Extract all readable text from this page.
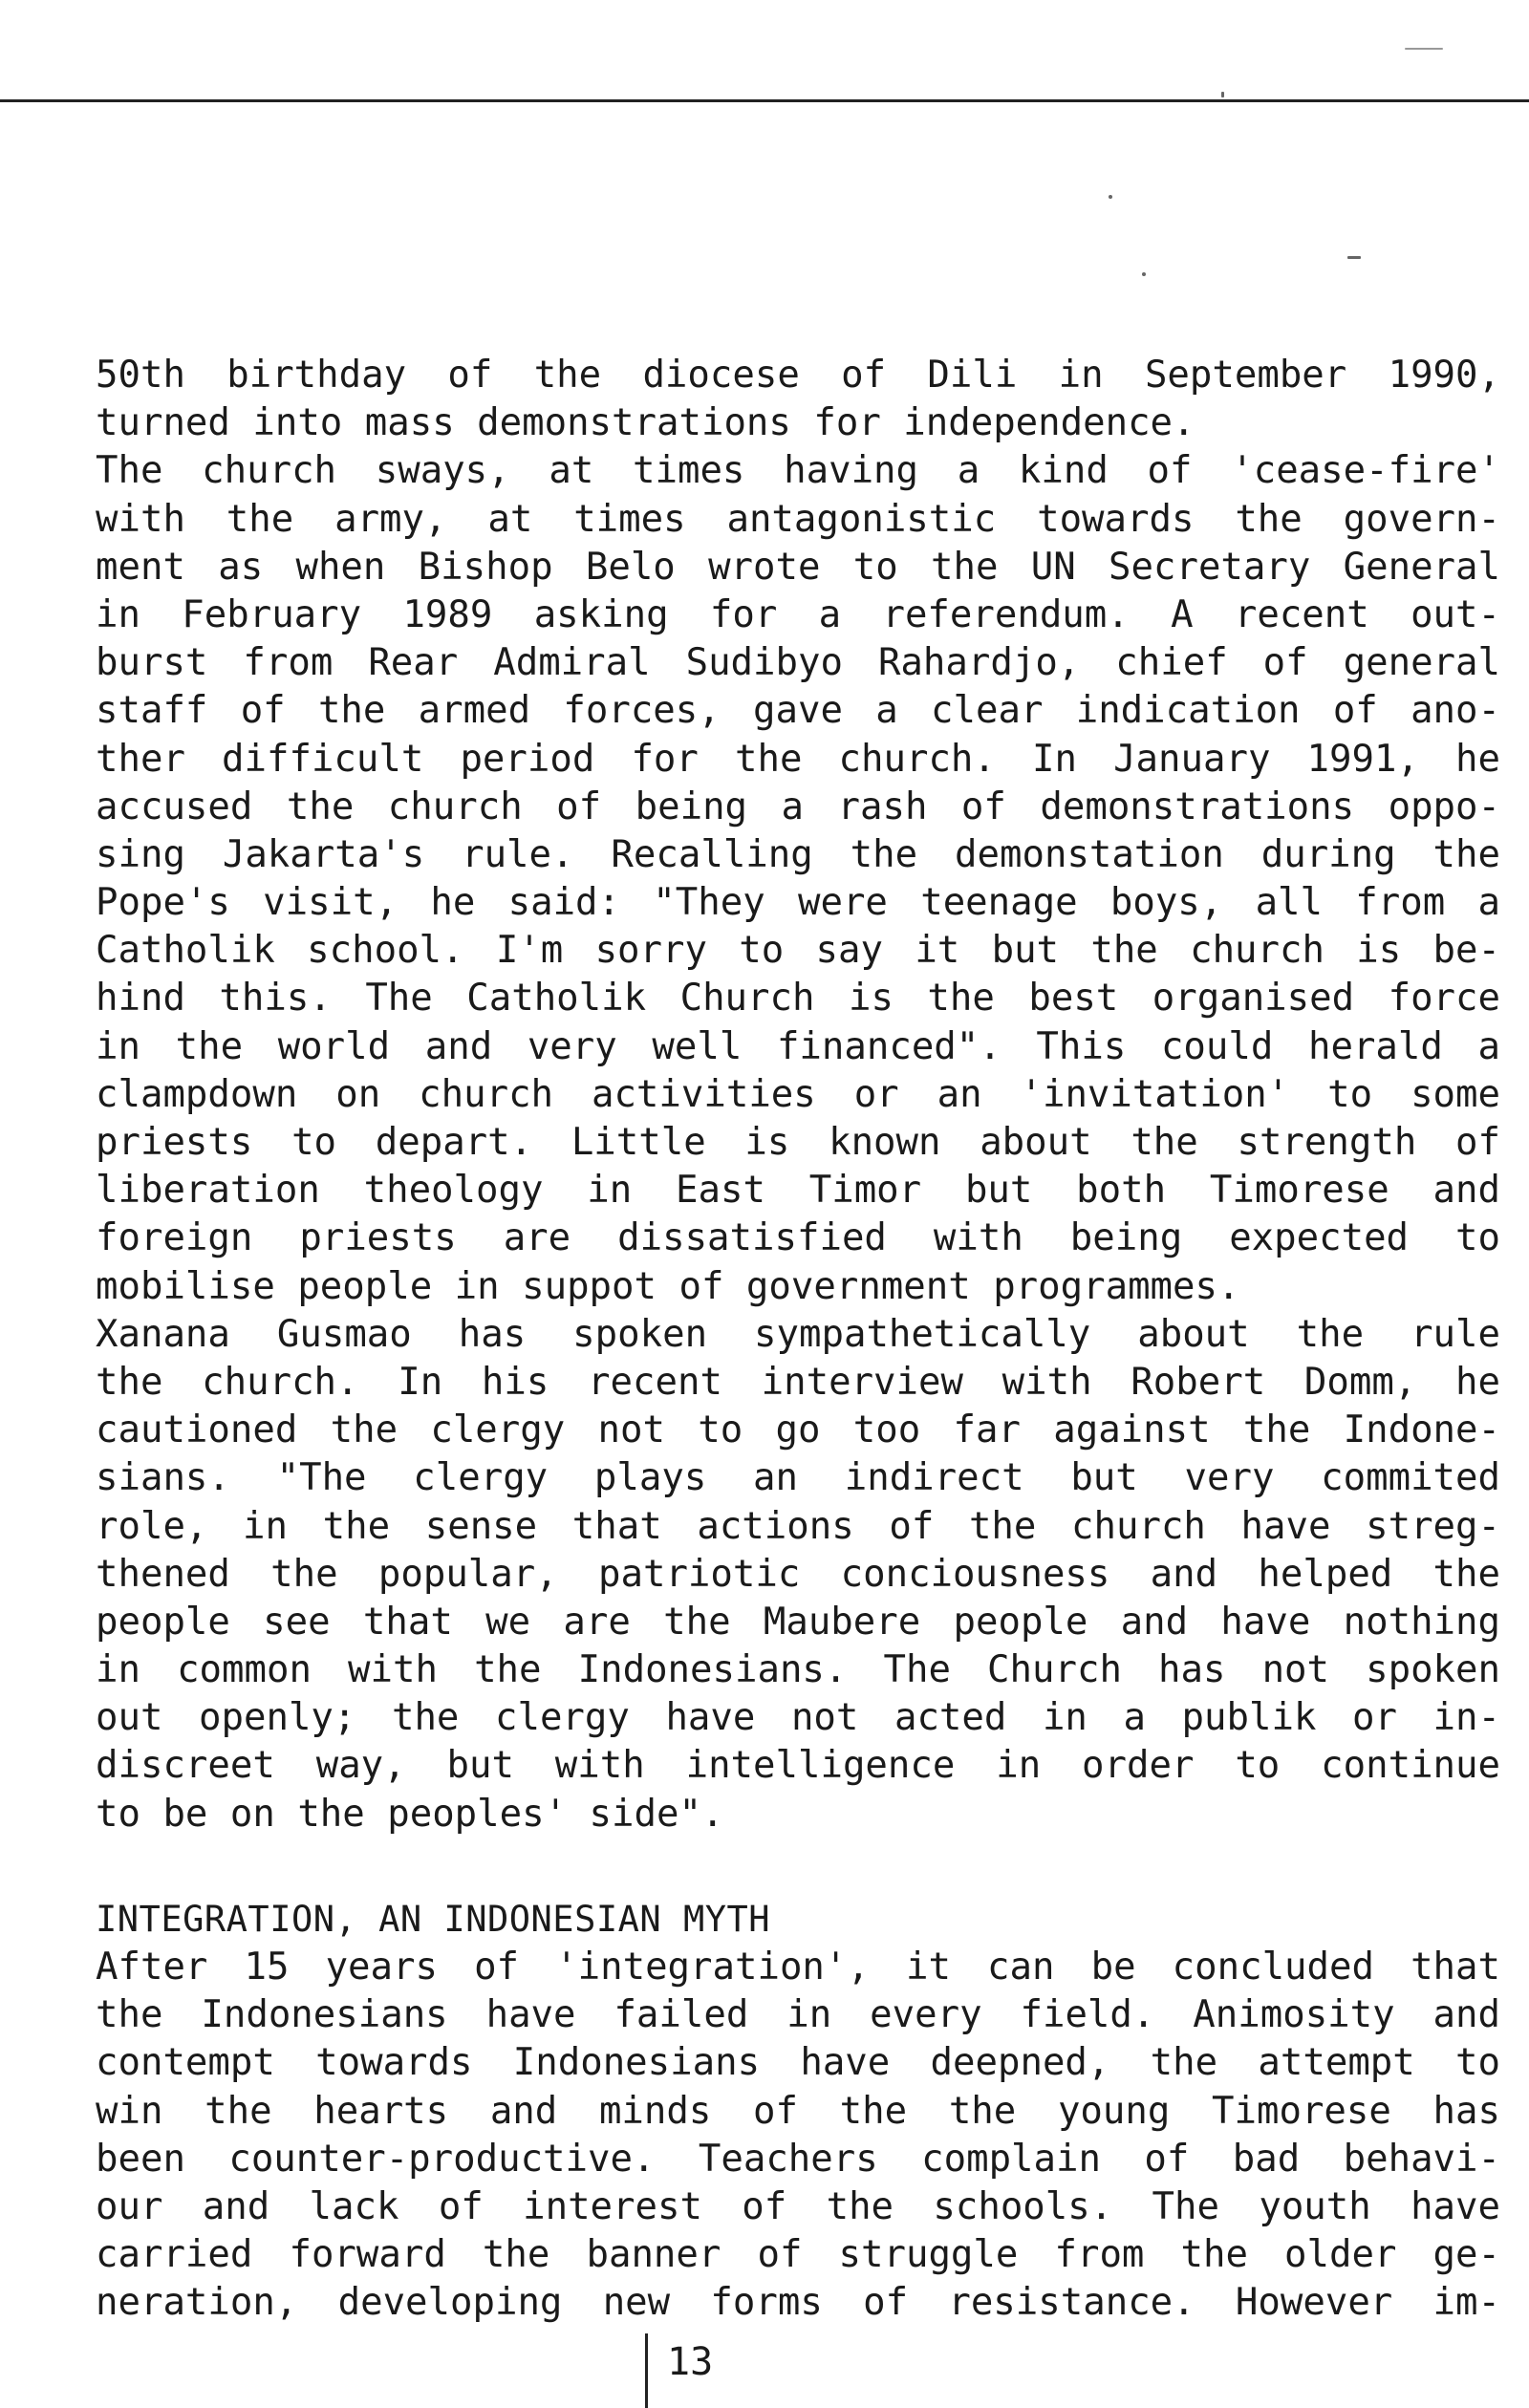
50th birthday of the diocese of Dili in September 1990,
turned into mass demonstrations for independence.
The church sways, at times having a kind of 'cease-fire'
with the army, at times antagonistic towards the govern-
ment as when Bishop Belo wrote to the UN Secretary General
in February 1989 asking for a referendum. A recent out-
burst from Rear Admiral Sudibyo Rahardjo, chief of general
staff of the armed forces, gave a clear indication of ano-
ther difficult period for the church. In January 1991, he
accused the church of being a rash of demonstrations oppo-
sing Jakarta's rule. Recalling the demonstation during the
Pope's visit, he said: "They were teenage boys, all from a
Catholik school. I'm sorry to say it but the church is be-
hind this. The Catholik Church is the best organised force
in the world and very well financed". This could herald a
clampdown on church activities or an 'invitation' to some
priests to depart. Little is known about the strength of
liberation theology in East Timor but both Timorese and
foreign priests are dissatisfied with being expected to
mobilise people in suppot of government programmes.
Xanana Gusmao has spoken sympathetically about the rule
the church. In his recent interview with Robert Domm, he
cautioned the clergy not to go too far against the Indone-
sians. "The clergy plays an indirect but very commited
role, in the sense that actions of the church have streg-
thened the popular, patriotic conciousness and helped the
people see that we are the Maubere people and have nothing
in common with the Indonesians. The Church has not spoken
out openly; the clergy have not acted in a publik or in-
discreet way, but with intelligence in order to continue
to be on the peoples' side".
INTEGRATION, AN INDONESIAN MYTH
After 15 years of 'integration', it can be concluded that
the Indonesians have failed in every field. Animosity and
contempt towards Indonesians have deepned, the attempt to
win the hearts and minds of the the young Timorese has
been counter-productive. Teachers complain of bad behavi-
our and lack of interest of the schools. The youth have
carried forward the banner of struggle from the older ge-
neration, developing new forms of resistance. However im-
13
